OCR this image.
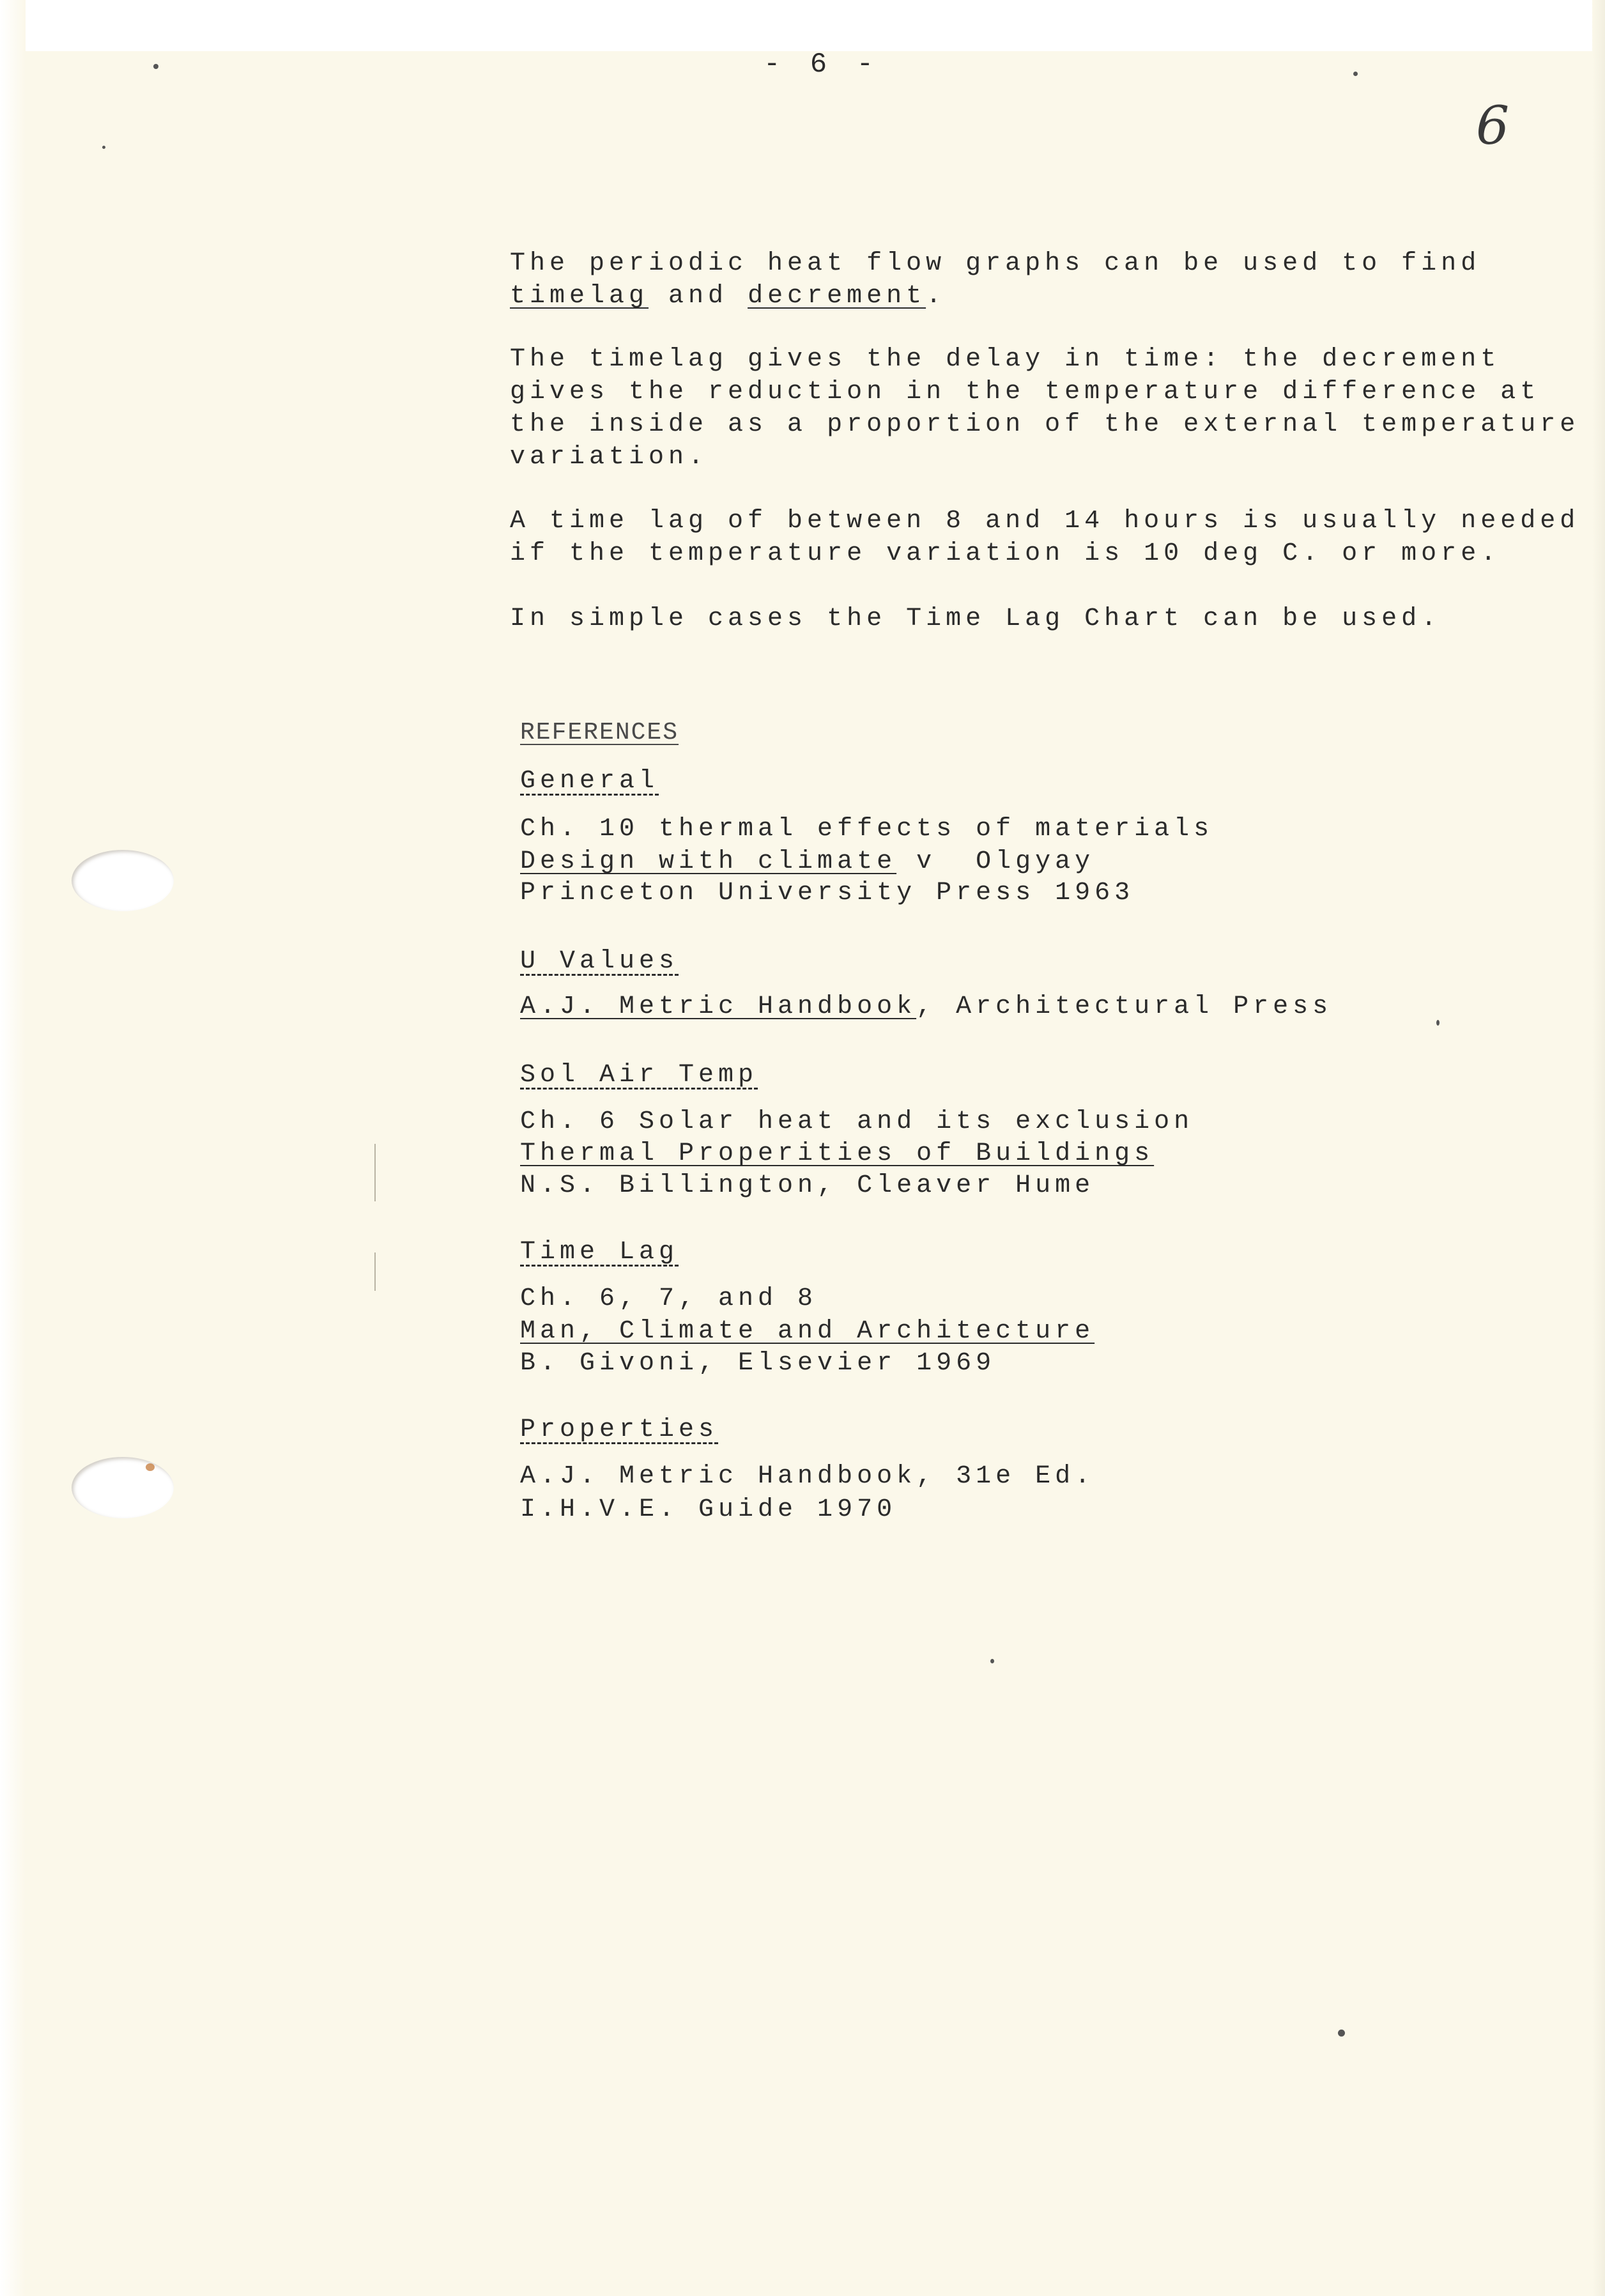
- 6 -
6
The periodic heat flow graphs can be used to find
timelag and decrement.
The timelag gives the delay in time: the decrement
gives the reduction in the temperature difference at
the inside as a proportion of the external temperature
variation.
A time lag of between 8 and 14 hours is usually needed
if the temperature variation is 10 deg C. or more.
In simple cases the Time Lag Chart can be used.
REFERENCES
General
Ch. 10 thermal effects of materials
Design with climate v  Olgyay
Princeton University Press 1963
U Values
A.J. Metric Handbook, Architectural Press
Sol Air Temp
Ch. 6 Solar heat and its exclusion
Thermal Properities of Buildings
N.S. Billington, Cleaver Hume
Time Lag
Ch. 6, 7, and 8
Man, Climate and Architecture
B. Givoni, Elsevier 1969
Properties
A.J. Metric Handbook, 31e Ed.
I.H.V.E. Guide 1970
